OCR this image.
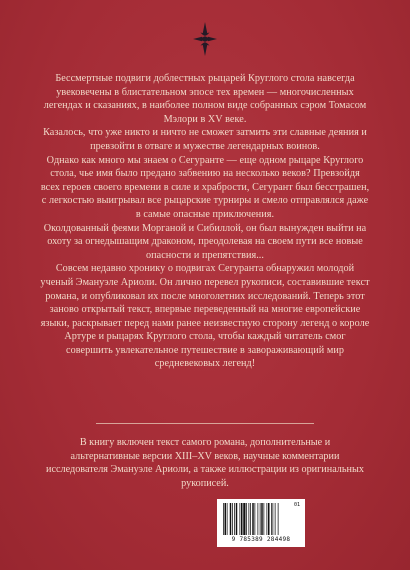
Бессмертные подвиги доблестных рыцарей Круглого стола навсегда увековечены в блистательном эпосе тех времен — многочисленных легендах и сказаниях, в наиболее полном виде собранных сэром Томасом Мэлори в XV веке.

Казалось, что уже никто и ничто не сможет затмить эти славные деяния и превзойти в отваге и мужестве легендарных воинов.

Однако как много мы знаем о Сегуранте — еще одном рыцаре Круглого стола, чье имя было предано забвению на несколько веков? Превзойдя всех героев своего времени в силе и храбрости, Сегурант был бесстрашен, с легкостью выигрывал все рыцарские турниры и смело отправлялся даже в самые опасные приключения.

Околдованный феями Морганой и Сибиллой, он был вынужден выйти на охоту за огнедышащим драконом, преодолевая на своем пути все новые опасности и препятствия...

Совсем недавно хронику о подвигах Сегуранта обнаружил молодой ученый Эмануэле Ариоли. Он лично перевел рукописи, составившие текст романа, и опубликовал их после многолетних исследований. Теперь этот заново открытый текст, впервые переведенный на многие европейские языки, раскрывает перед нами ранее неизвестную сторону легенд о короле Артуре и рыцарях Круглого стола, чтобы каждый читатель смог совершить увлекательное путешествие в завораживающий мир средневековых легенд!

В книгу включен текст самого романа, дополнительные и альтернативные версии XIII–XV веков, научные комментарии исследователя Эмануэле Ариоли, а также иллюстрации из оригинальных рукописей.

01
9 785389 284498
